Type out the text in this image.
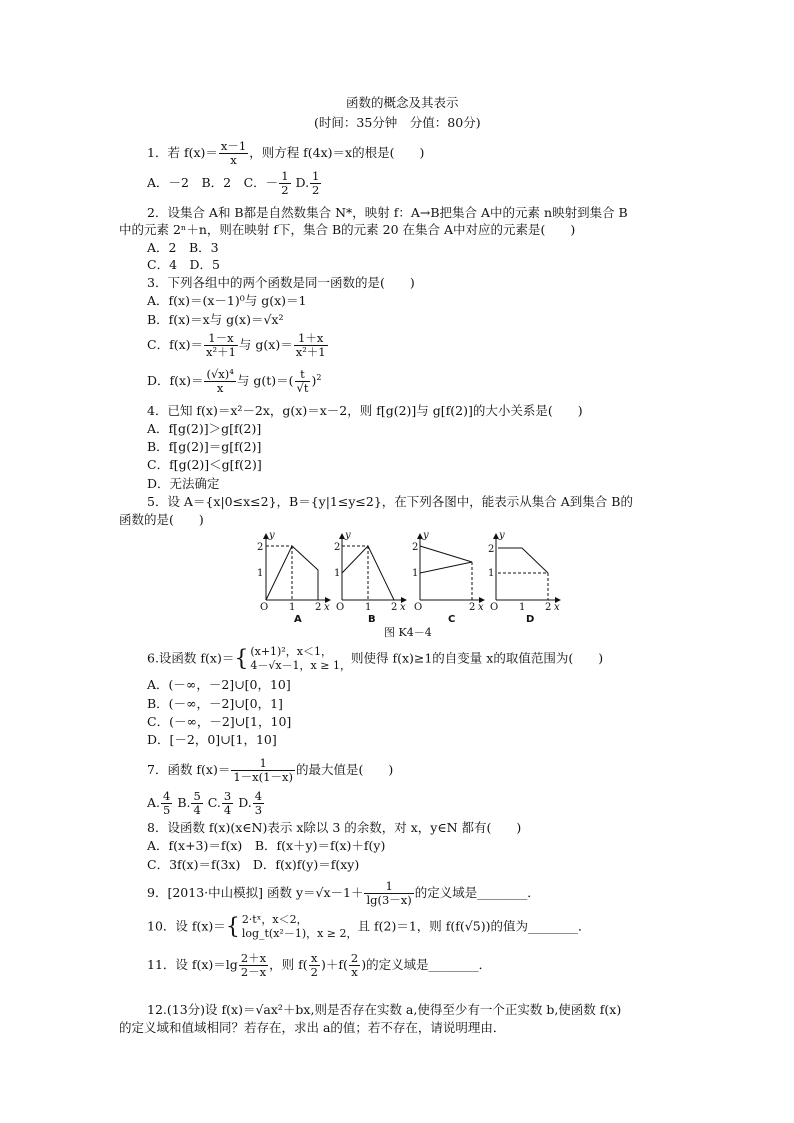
函数的概念及其表示
(时间：35分钟　分值：80分)
1．若 $f(x)= \frac{x-1}{x}$ ，则方程 f(4x)＝x的根是(　　)
A．－2　B．2　C．－ $\frac{1}{2} D$. $\frac{1}{2}$
2．设集合 A和 B都是自然数集合 N*，映射 f：A→B把集合 A中的元素 n映射到集合 B
中的元素 2ⁿ＋n，则在映射 f下，集合 B的元素 20 在集合 A中对应的元素是(　　)
A．2　B．3
C．4　D．5
3．下列各组中的两个函数是同一函数的是(　　)
A．f(x)＝(x－1)⁰与 g(x)＝1
B．f(x)＝x与 g(x)＝√x²
C．$f(x)= \frac{1-x}{\text{x²＋1}}$ 与 $g(x)= \frac{1+x}{\text{x²＋1}}$
D．$f(x)= \frac{\text{(√x)⁴}}{x}$ 与 $g(t)=( \frac{t}{√t} )^2$
4．已知 f(x)＝x²－2x，g(x)＝x－2，则 f[g(2)]与 g[f(2)]的大小关系是(　　)
A．f[g(2)]＞g[f(2)]
B．f[g(2)]＝g[f(2)]
C．f[g(2)]＜g[f(2)]
D．无法确定
5．设 A＝{x|0≤x≤2}，B＝{y|1≤y≤2}，在下列各图中，能表示从集合 A到集合 B的
函数的是(　　)
O
2
1
1 2 x
y
O
2
1
1 2 x
y
O
2
1
2 x
y
O
2
1
1 2 x
y
A	B	C	D
图 K4－4
6.设函数 f(x)＝{ (x+1)²，x＜1，
4－√x－1，x ≥ 1， 则使得 f(x)≥1的自变量 x的取值范围为(　　)
A．(－∞，－2]∪[0，10]
B．(－∞，－2]∪[0，1]
C．(－∞，－2]∪[1，10]
D．[－2，0]∪[1，10]
7．函数 $f(x)= \frac{1}{1-x(1-x)}$ 的最大值是(　　)
A. $\frac{4}{5} B$. $\frac{5}{4} C$. $\frac{3}{4} D$. $\frac{4}{3}$
8．设函数 f(x)(x∈N)表示 x除以 3 的余数，对 x，y∈N 都有(　　)
A．f(x+3)＝f(x)　B．f(x＋y)＝f(x)＋f(y)
C．3f(x)＝f(3x)　D．f(x)f(y)＝f(xy)
9．[2013·中山模拟] 函数 $y=√x-1+ \frac{1}{\lg(3-x)}$ 的定义域是________．
10．设 f(x)＝{ 2·tˣ，x＜2，
log_t(x²－1)，x ≥ 2， 且 f(2)＝1，则 f(f(√5))的值为________．
11．设 $f(x)=\lg \frac{2+x}{2-x}$ ，则 $f( \frac{x}{2} )+f( \frac{2}{x}$ )的定义域是________．
12.(13分)设 f(x)＝√ax²＋bx,则是否存在实数 a,使得至少有一个正实数 b,使函数 f(x)
的定义域和值域相同？若存在，求出 a的值；若不存在，请说明理由．
